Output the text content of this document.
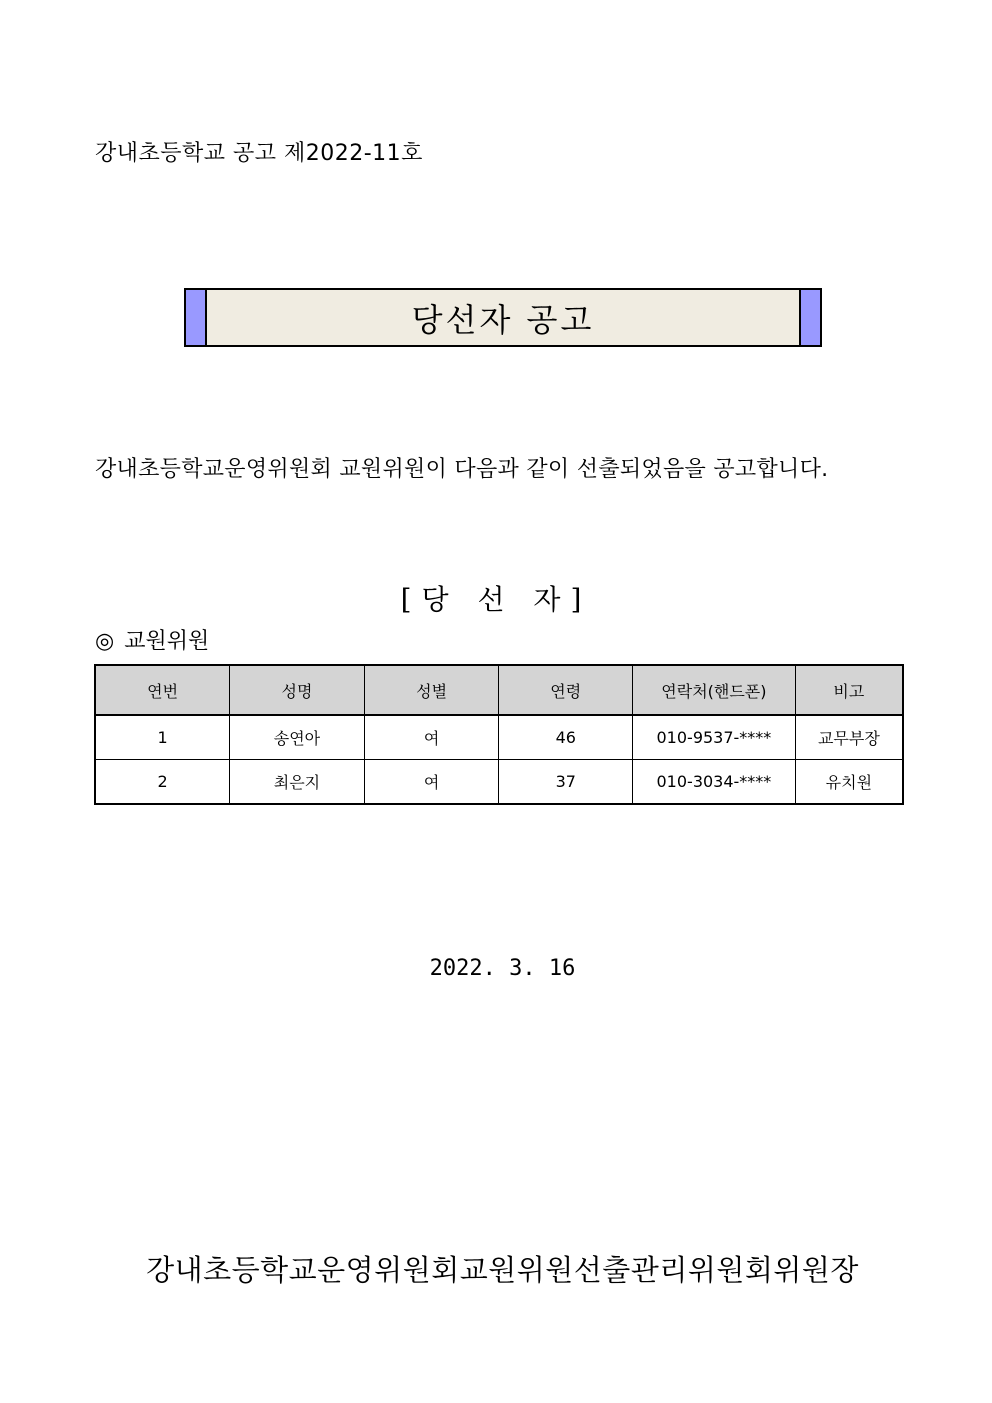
강내초등학교 공고 제2022-11호
당선자 공고
강내초등학교운영위원회 교원위원이 다음과 같이 선출되었음을 공고합니다.
[당 선 자]
◎ 교원위원
연번	성명	성별	연령	연락처(핸드폰)	비고
1	송연아	여	46	010-9537-****	교무부장
2	최은지	여	37	010-3034-****	유치원
2022. 3. 16
강내초등학교운영위원회교원위원선출관리위원회위원장
